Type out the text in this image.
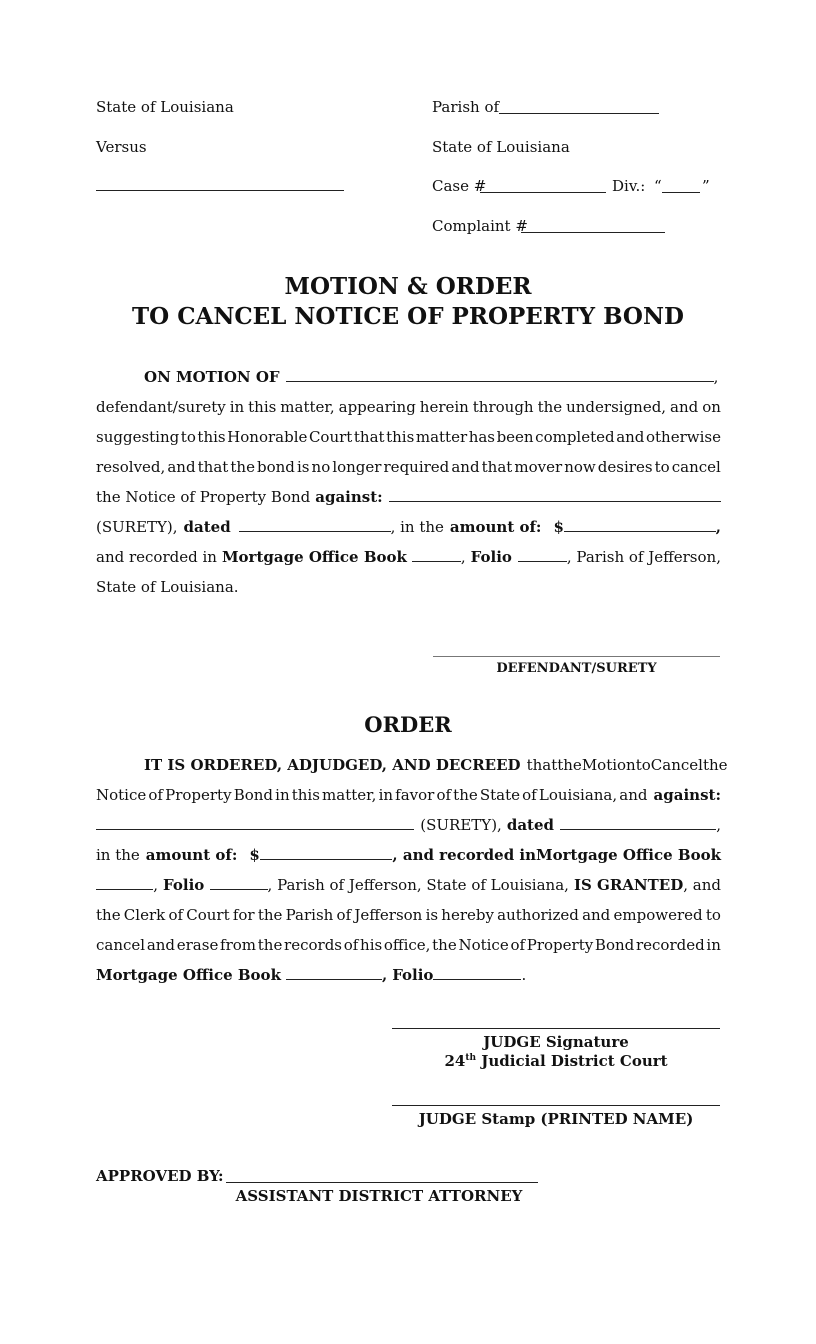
State of Louisiana
Versus
Parish of
State of Louisiana
Case #	Div.: “	”
Complaint #
MOTION & ORDER
TO CANCEL NOTICE OF PROPERTY BOND
ON MOTION OF	,
defendant/surety in this matter, appearing herein through the undersigned, and on
suggesting to this Honorable Court that this matter has been completed and otherwise
resolved, and that the bond is no longer required and that mover now desires to cancel
the Notice of Property Bond against:
(SURETY), dated	, in the amount of: $	,
and recorded in Mortgage Office Book	, Folio	, Parish of Jefferson,
State of Louisiana.
DEFENDANT/SURETY
ORDER
IT IS ORDERED, ADJUDGED, AND DECREED that the Motion to Cancel the
Notice of Property Bond in this matter, in favor of the State of Louisiana, and against:
(SURETY), dated	,
in the amount of: $	, and recorded in Mortgage Office Book
, Folio	, Parish of Jefferson, State of Louisiana, IS GRANTED , and
the Clerk of Court for the Parish of Jefferson is hereby authorized and empowered to
cancel and erase from the records of his office, the Notice of Property Bond recorded in
Mortgage Office Book	, Folio	.
JUDGE Signature
24th Judicial District Court
JUDGE Stamp (PRINTED NAME)
APPROVED BY:
ASSISTANT DISTRICT ATTORNEY
